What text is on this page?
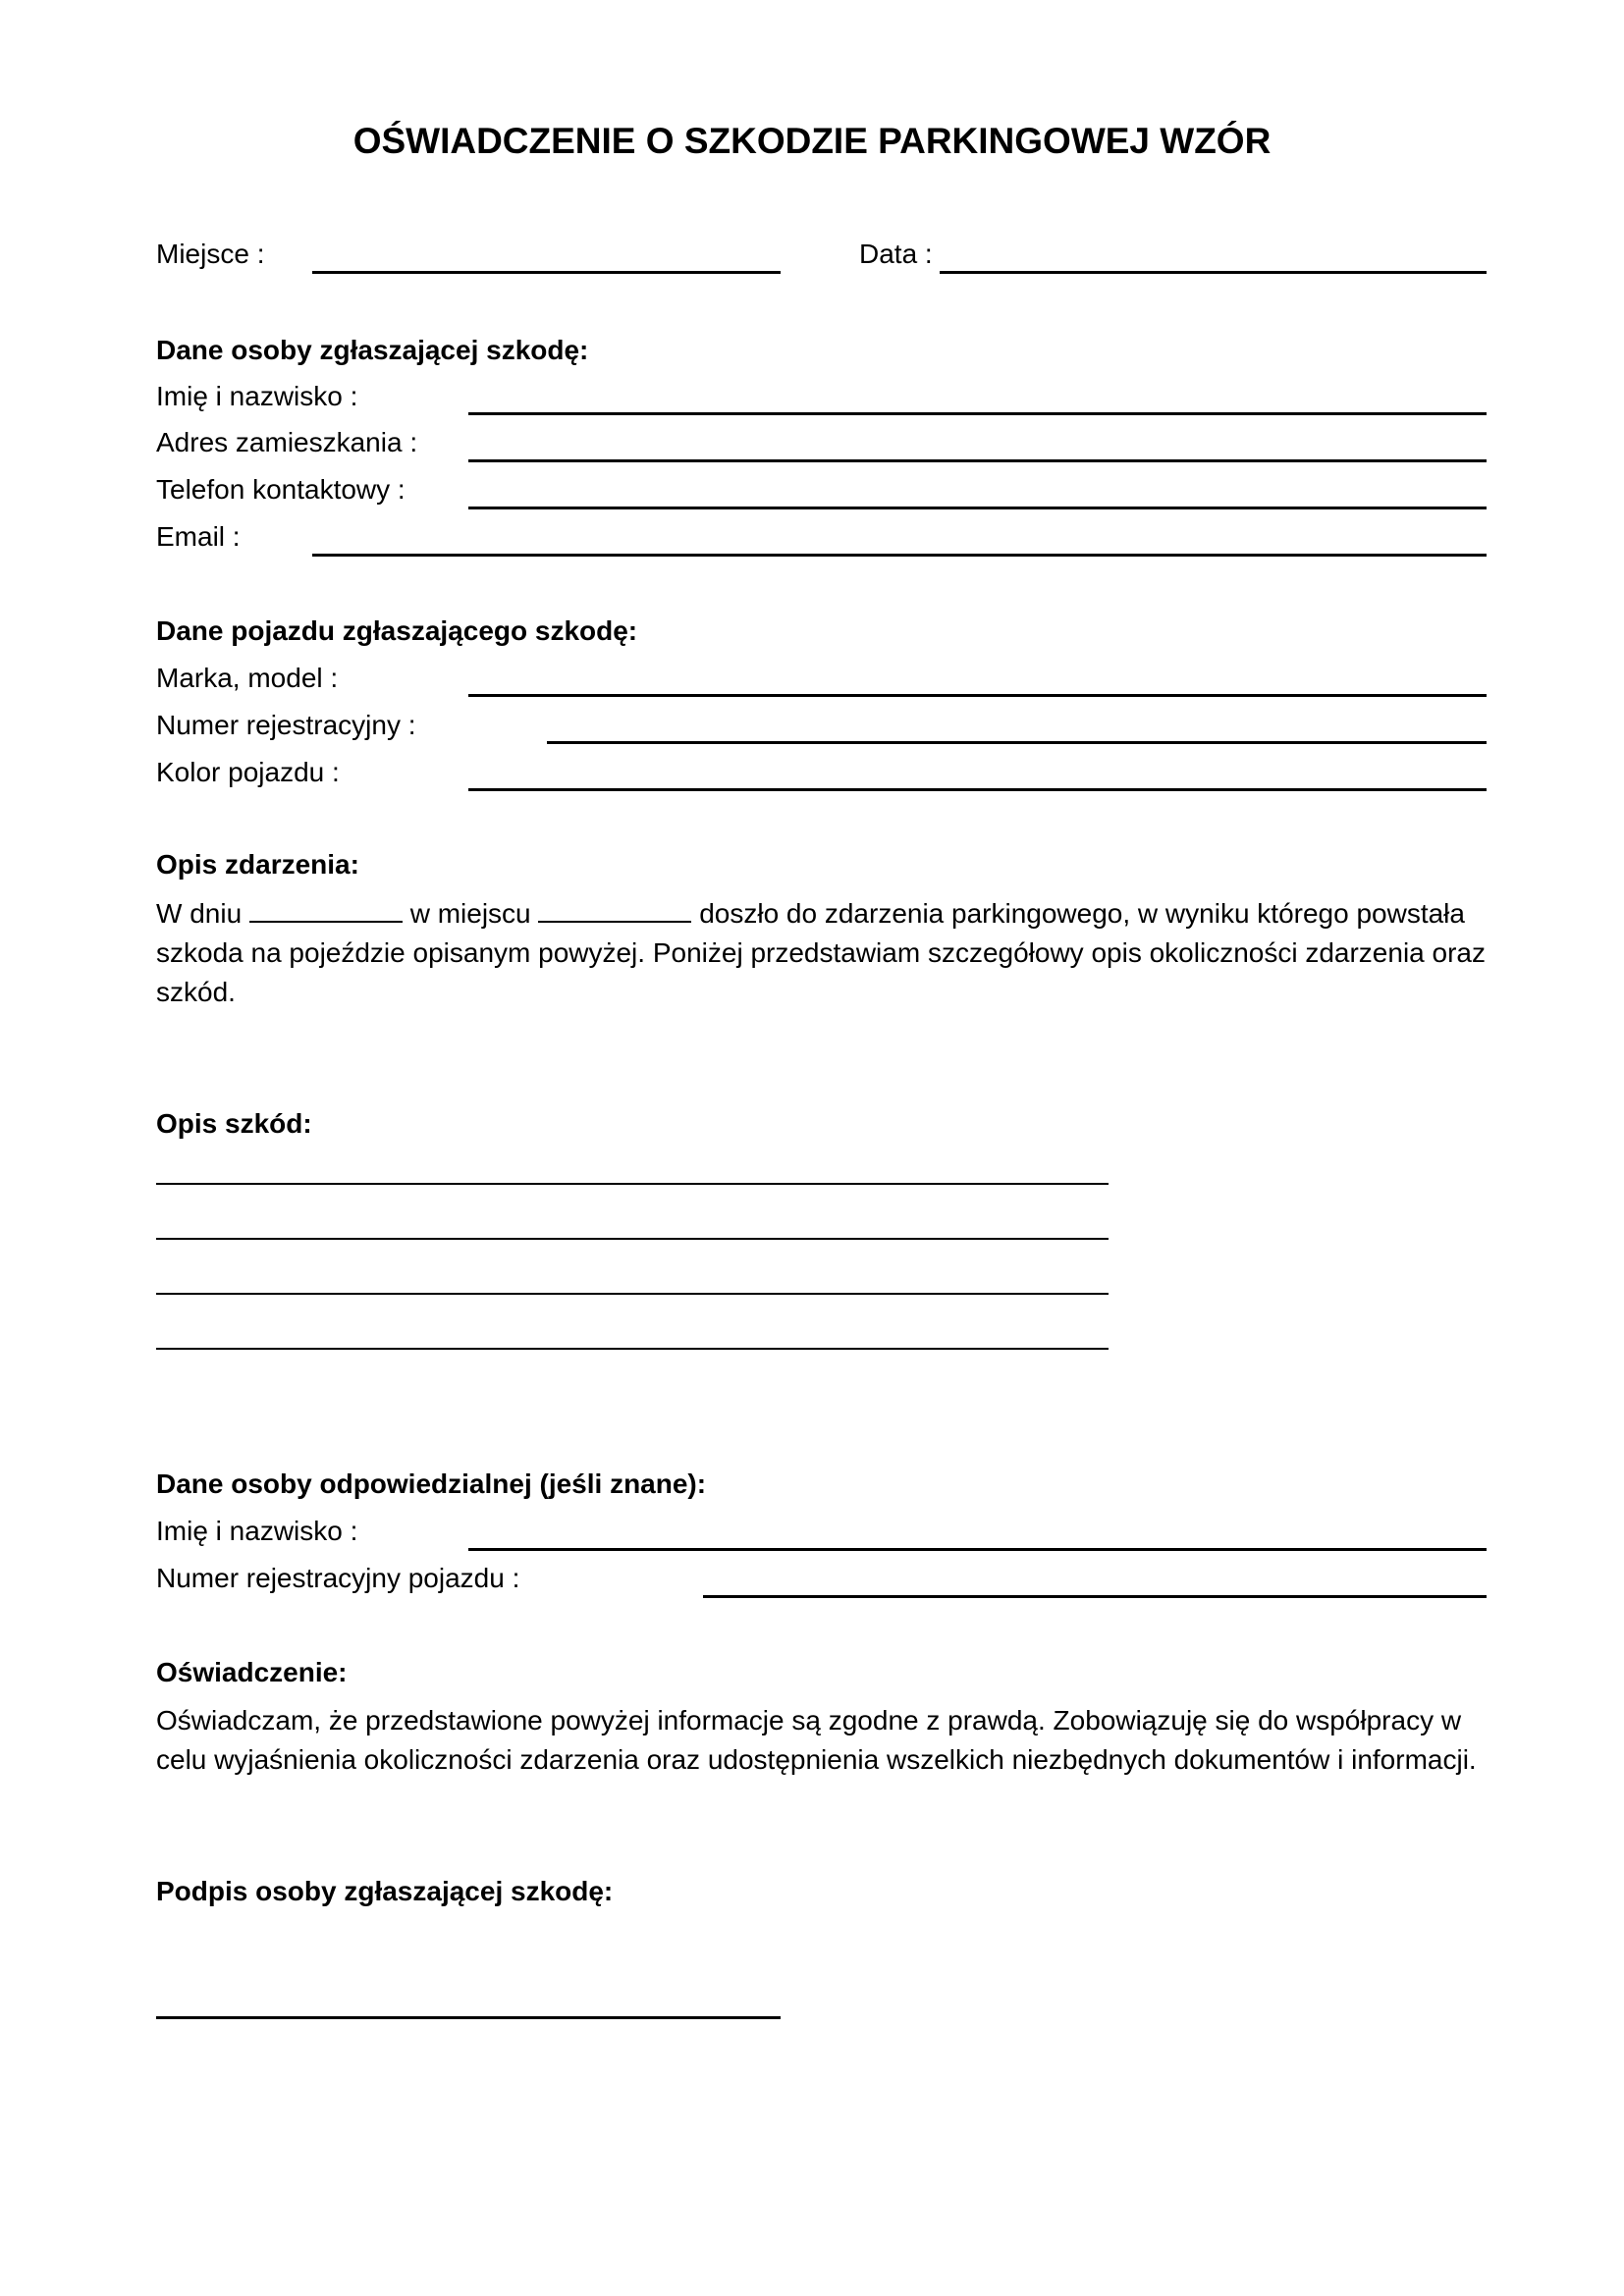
OŚWIADCZENIE O SZKODZIE PARKINGOWEJ WZÓR
Miejsce :	Data :
Dane osoby zgłaszającej szkodę:
Imię i nazwisko :
Adres zamieszkania :
Telefon kontaktowy :
Email :
Dane pojazdu zgłaszającego szkodę:
Marka, model :
Numer rejestracyjny :
Kolor pojazdu :
Opis zdarzenia:

W dniu	w miejscu	doszło do zdarzenia parkingowego, w wyniku którego powstała szkoda na pojeździe opisanym powyżej. Poniżej przedstawiam szczegółowy opis okoliczności zdarzenia oraz szkód.

Opis szkód:
Dane osoby odpowiedzialnej (jeśli znane):
Imię i nazwisko :
Numer rejestracyjny pojazdu :
Oświadczenie:

Oświadczam, że przedstawione powyżej informacje są zgodne z prawdą. Zobowiązuję się do współpracy w celu wyjaśnienia okoliczności zdarzenia oraz udostępnienia wszelkich niezbędnych dokumentów i informacji.

Podpis osoby zgłaszającej szkodę:
